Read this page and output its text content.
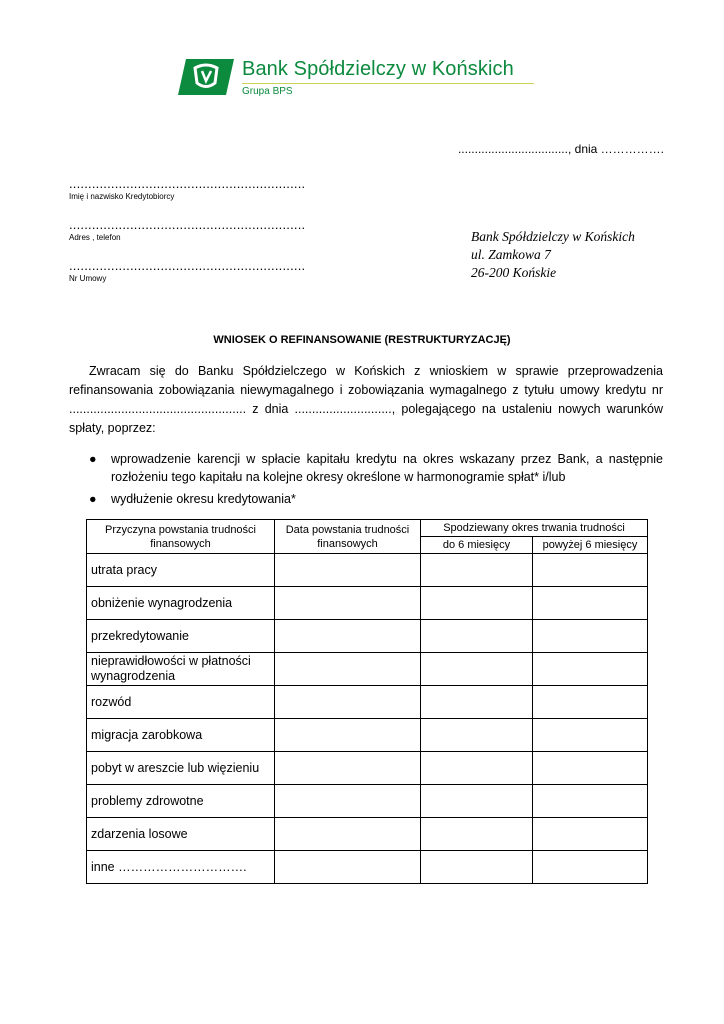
Bank Spółdzielczy w Końskich
Grupa BPS
................................., dnia …………….
..............................................................
Imię i nazwisko Kredytobiorcy
..............................................................
Adres , telefon
..............................................................
Nr Umowy
Bank Spółdzielczy w Końskich
ul. Zamkowa 7
26-200 Końskie
WNIOSEK O REFINANSOWANIE (RESTRUKTURYZACJĘ)
Zwracam się do Banku Spółdzielczego w Końskich z wnioskiem w sprawie przeprowadzenia refinansowania zobowiązania niewymagalnego i zobowiązania wymagalnego z tytułu umowy kredytu nr ................................................... z dnia ............................, polegającego na ustaleniu nowych warunków spłaty, poprzez:
● wprowadzenie karencji w spłacie kapitału kredytu na okres wskazany przez Bank, a następnie rozłożeniu tego kapitału na kolejne okresy określone w harmonogramie spłat* i/lub
● wydłużenie okresu kredytowania*
Przyczyna powstania trudności finansowych	Data powstania trudności finansowych	Spodziewany okres trwania trudności	
		do 6 miesięcy	powyżej 6 miesięcy
utrata pracy			
obniżenie wynagrodzenia			
przekredytowanie			
nieprawidłowości w płatności wynagrodzenia			
rozwód			
migracja zarobkowa			
pobyt w areszcie lub więzieniu			
problemy zdrowotne			
zdarzenia losowe			
inne ………………………….			
